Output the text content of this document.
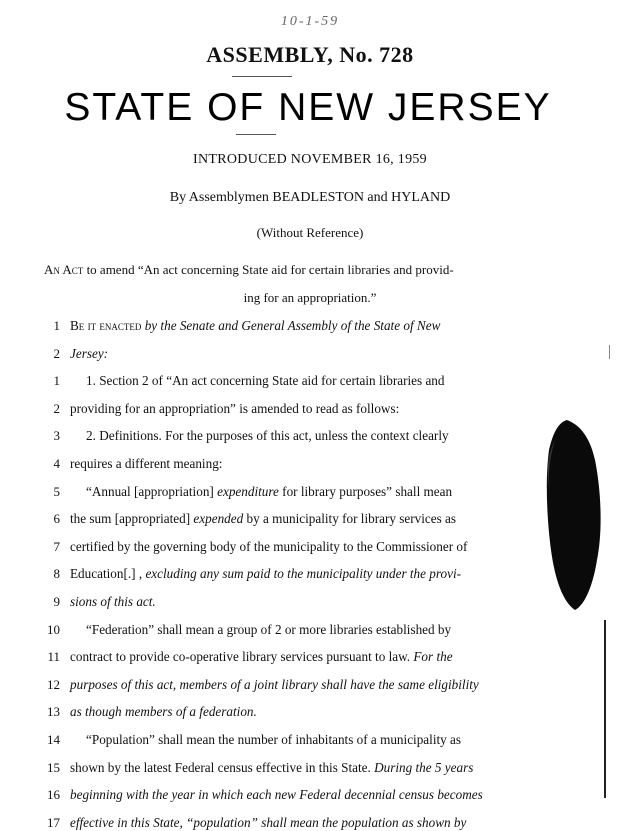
10-1-59
ASSEMBLY, No. 728
STATE OF NEW JERSEY
INTRODUCED NOVEMBER 16, 1959
By Assemblymen BEADLESTON and HYLAND
(Without Reference)
An Act to amend “An act concerning State aid for certain libraries and provid-
ing for an appropriation.”
1 Be it enacted by the Senate and General Assembly of the State of New
2 Jersey:
1 1. Section 2 of “An act concerning State aid for certain libraries and
2 providing for an appropriation” is amended to read as follows:
3 2. Definitions. For the purposes of this act, unless the context clearly
4 requires a different meaning:
5 “Annual [appropriation] expenditure for library purposes” shall mean
6 the sum [appropriated] expended by a municipality for library services as
7 certified by the governing body of the municipality to the Commissioner of
8 Education[.] , excluding any sum paid to the municipality under the provi-
9 sions of this act.
10 “Federation” shall mean a group of 2 or more libraries established by
11 contract to provide co-operative library services pursuant to law. For the
12 purposes of this act, members of a joint library shall have the same eligibility
13 as though members of a federation.
14 “Population” shall mean the number of inhabitants of a municipality as
15 shown by the latest Federal census effective in this State. During the 5 years
16 beginning with the year in which each new Federal decennial census becomes
17 effective in this State, “population” shall mean the population as shown by
